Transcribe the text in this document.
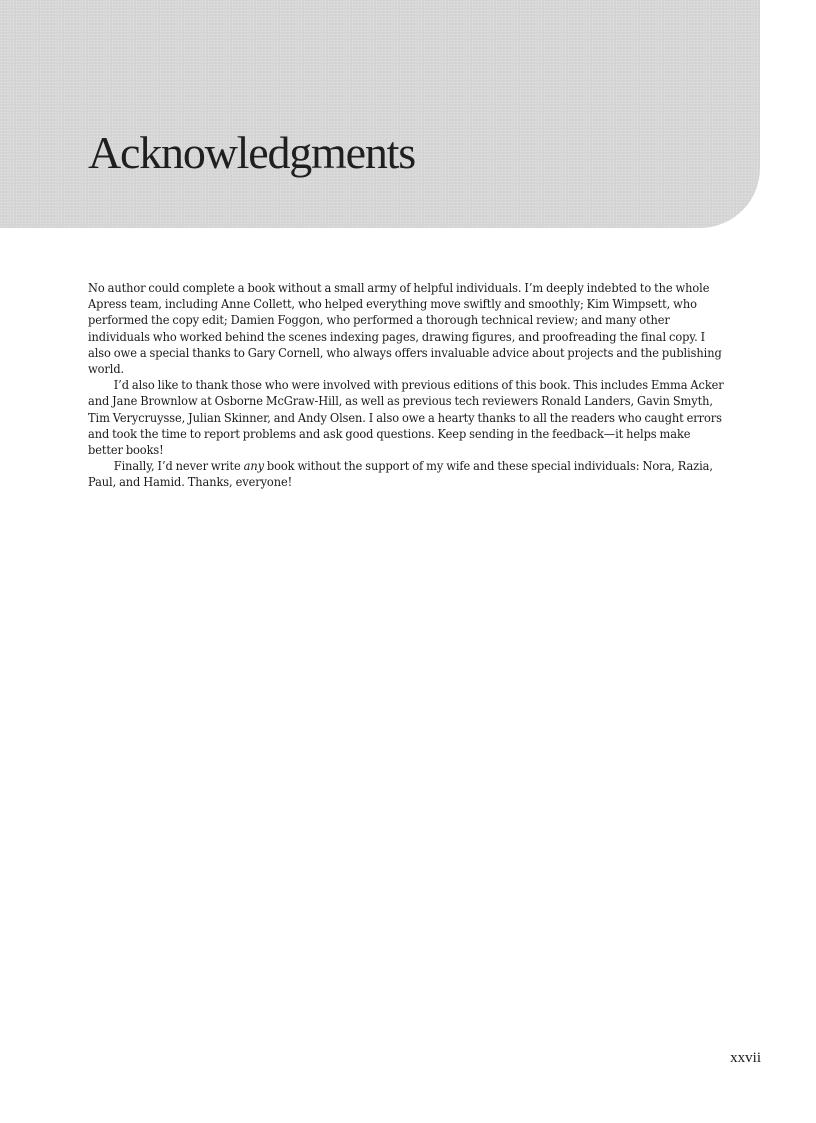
Acknowledgments

No author could complete a book without a small army of helpful individuals. I’m deeply indebted to the whole Apress team, including Anne Collett, who helped everything move swiftly and smoothly; Kim Wimpsett, who performed the copy edit; Damien Foggon, who performed a thorough technical review; and many other individuals who worked behind the scenes indexing pages, drawing figures, and proofreading the final copy. I also owe a special thanks to Gary Cornell, who always offers invaluable advice about projects and the publishing world.

I’d also like to thank those who were involved with previous editions of this book. This includes Emma Acker and Jane Brownlow at Osborne McGraw-Hill, as well as previous tech reviewers Ronald Landers, Gavin Smyth, Tim Verycruysse, Julian Skinner, and Andy Olsen. I also owe a hearty thanks to all the readers who caught errors and took the time to report problems and ask good questions. Keep sending in the feedback—it helps make better books!

Finally, I’d never write any book without the support of my wife and these special individuals: Nora, Razia, Paul, and Hamid. Thanks, everyone!

xxvii
